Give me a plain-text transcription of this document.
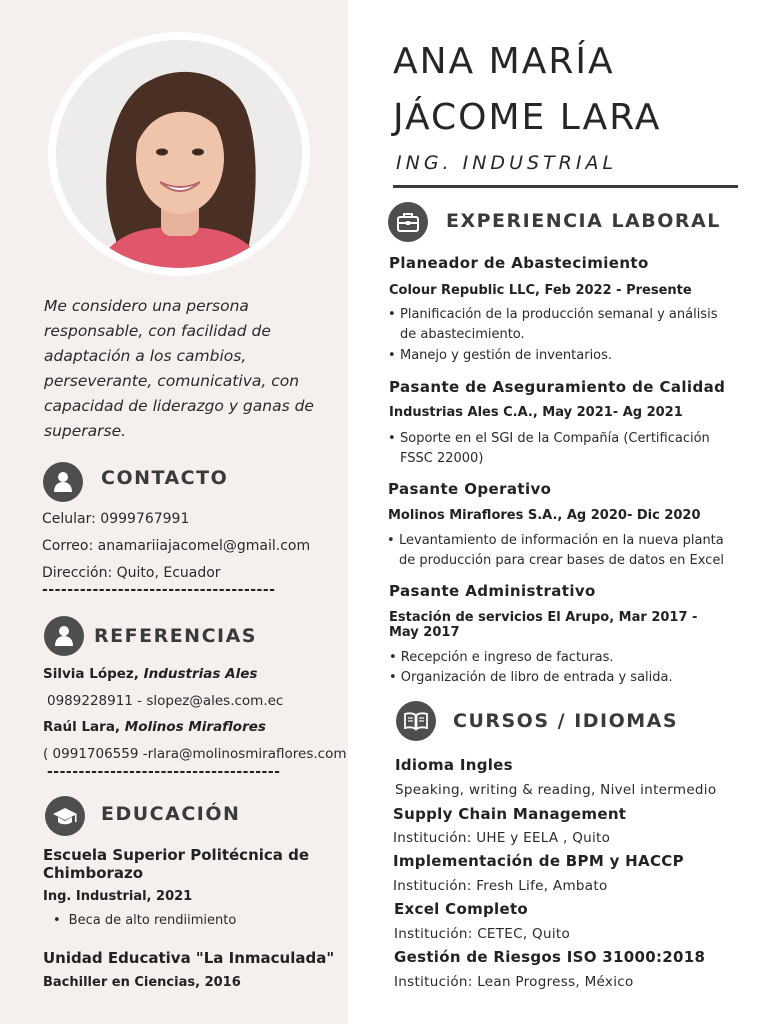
Me considero una persona responsable, con facilidad de adaptación a los cambios, perseverante, comunicativa, con capacidad de liderazgo y ganas de superarse.

CONTACTO
Celular: 0999767991
Correo: anamariiajacomel@gmail.com
Dirección: Quito, Ecuador
-------------------------------------
REFERENCIAS
Silvia López, Industrias Ales
0989228911 - slopez@ales.com.ec
Raúl Lara, Molinos Miraflores
( 0991706559 -rlara@molinosmiraflores.com
-------------------------------------
EDUCACIÓN
Escuela Superior Politécnica de Chimborazo
Ing. Industrial, 2021
• Beca de alto rendiimiento
Unidad Educativa "La Inmaculada"
Bachiller en Ciencias, 2016
ANA MARÍA
JÁCOME LARA
ING. INDUSTRIAL
EXPERIENCIA LABORAL
Planeador de Abastecimiento
Colour Republic LLC, Feb 2022 - Presente
• Planificación de la producción semanal y análisis de abastecimiento.
• Manejo y gestión de inventarios.
Pasante de Aseguramiento de Calidad
Industrias Ales C.A., May 2021- Ag 2021
• Soporte en el SGI de la Compañía (Certificación FSSC 22000)
Pasante Operativo
Molinos Miraflores S.A., Ag 2020- Dic 2020
• Levantamiento de información en la nueva planta de producción para crear bases de datos en Excel
Pasante Administrativo
Estación de servicios El Arupo, Mar 2017 - May 2017
• Recepción e ingreso de facturas.
• Organización de libro de entrada y salida.
CURSOS / IDIOMAS
Idioma Ingles
Speaking, writing & reading, Nivel intermedio
Supply Chain Management
Institución: UHE y EELA , Quito
Implementación de BPM y HACCP
Institución: Fresh Life, Ambato
Excel Completo
Institución: CETEC, Quito
Gestión de Riesgos ISO 31000:2018
Institución: Lean Progress, México
